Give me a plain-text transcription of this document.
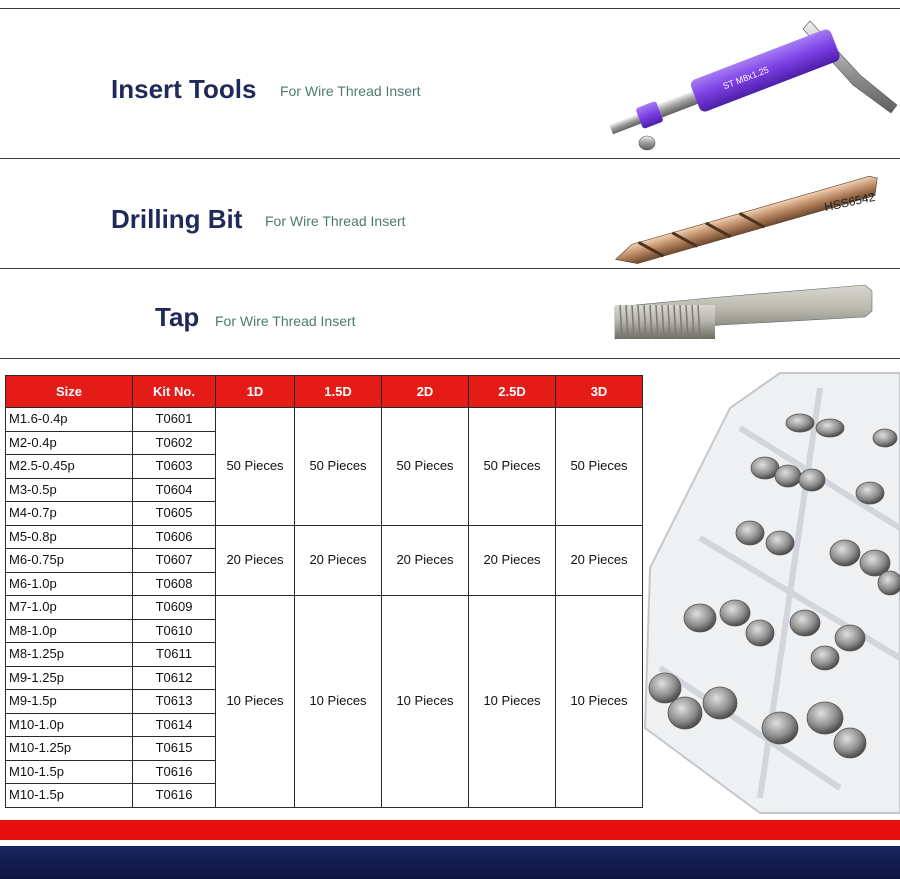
Insert Tools For Wire Thread Insert	ST M8x1.25
Drilling Bit For Wire Thread Insert
HSS6542
Tap For Wire Thread Insert
Size	Kit No.	1D	1.5D	2D	2.5D	3D
M1.6-0.4p	T0601	50 Pieces	50 Pieces	50 Pieces	50 Pieces	50 Pieces
M2-0.4p	T0602					
M2.5-0.45p	T0603					
M3-0.5p	T0604					
M4-0.7p	T0605					
M5-0.8p	T0606	20 Pieces	20 Pieces	20 Pieces	20 Pieces	20 Pieces
M6-0.75p	T0607					
M6-1.0p	T0608					
M7-1.0p	T0609	10 Pieces	10 Pieces	10 Pieces	10 Pieces	10 Pieces
M8-1.0p	T0610					
M8-1.25p	T0611					
M9-1.25p	T0612					
M9-1.5p	T0613					
M10-1.0p	T0614					
M10-1.25p	T0615					
M10-1.5p	T0616					
M10-1.5p	T0616					
